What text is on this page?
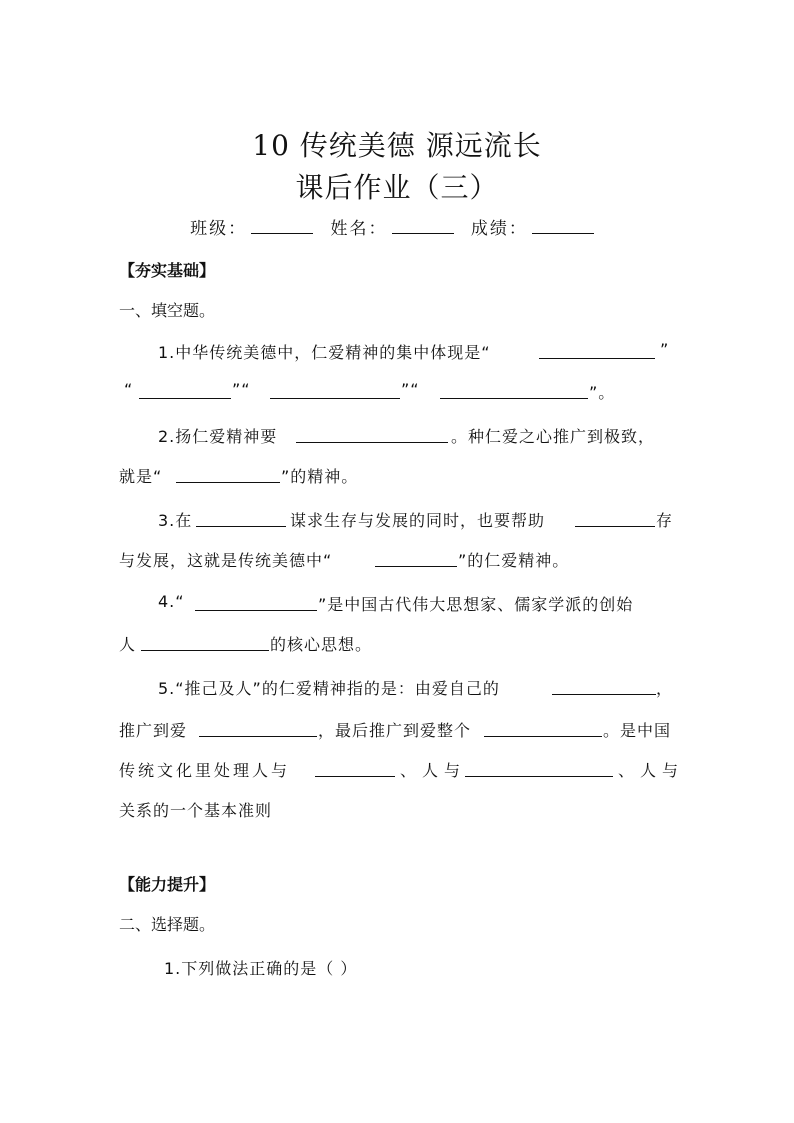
10 传统美德 源远流长
课后作业（三）
班级：	姓名：	成绩：
【夯实基础】
一、填空题。
1.中华传统美德中，仁爱精神的集中体现是“	”
“	”“	”“	”。
2.扬仁爱精神要	。种仁爱之心推广到极致，
就是“	”的精神。
3.在	谋求生存与发展的同时，也要帮助	存
与发展，这就是传统美德中“	”的仁爱精神。
4.“	”是中国古代伟大思想家、儒家学派的创始
人	的核心思想。
5.“推己及人”的仁爱精神指的是：由爱自己的	，
推广到爱	，最后推广到爱整个	。是中国
传统文化里处理人与	、人与	、人与
关系的一个基本准则
【能力提升】
二、选择题。
1.下列做法正确的是（ ）
